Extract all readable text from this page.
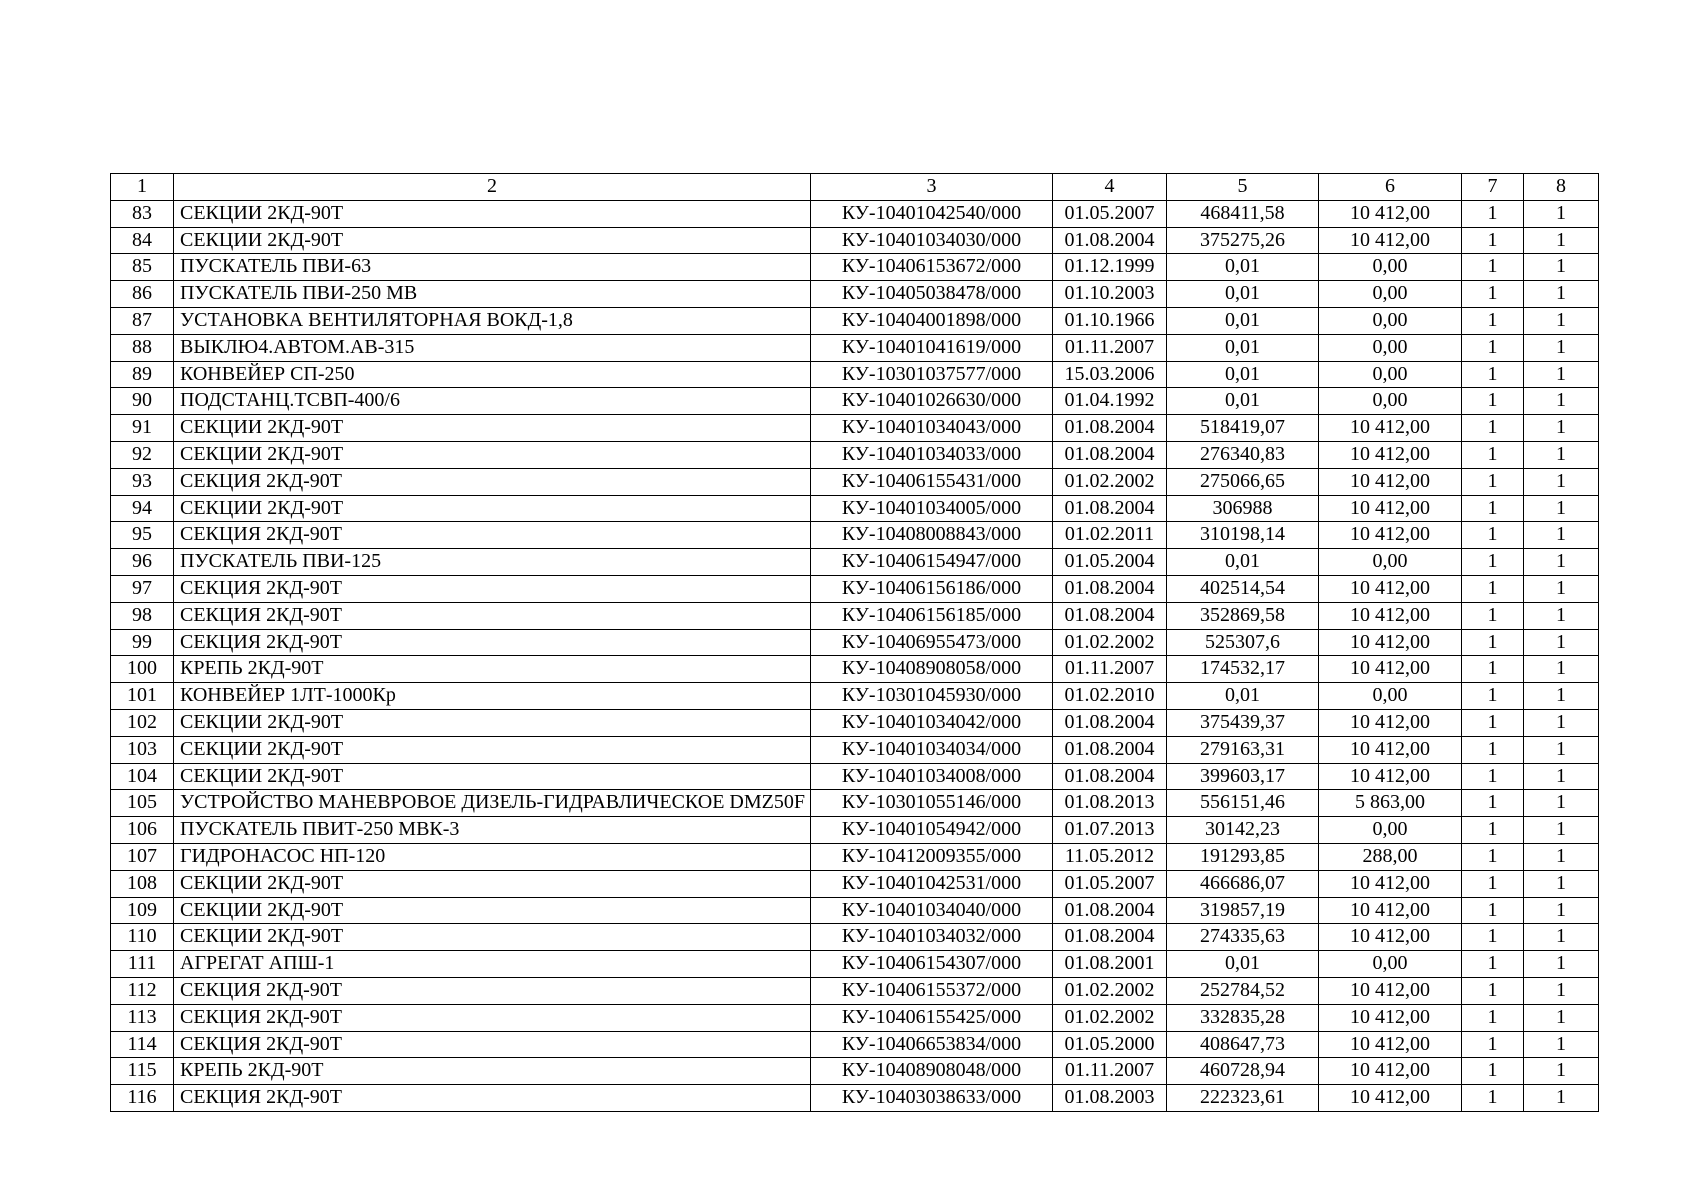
1	2	3	4	5	6	7	8
83	СЕКЦИИ 2КД-90Т	КУ-10401042540/000	01.05.2007	468411,58	10 412,00	1	1
84	СЕКЦИИ 2КД-90Т	КУ-10401034030/000	01.08.2004	375275,26	10 412,00	1	1
85	ПУСКАТЕЛЬ ПВИ-63	КУ-10406153672/000	01.12.1999	0,01	0,00	1	1
86	ПУСКАТЕЛЬ ПВИ-250 МВ	КУ-10405038478/000	01.10.2003	0,01	0,00	1	1
87	УСТАНОВКА ВЕНТИЛЯТОРНАЯ ВОКД-1,8	КУ-10404001898/000	01.10.1966	0,01	0,00	1	1
88	ВЫКЛЮ4.АВТОМ.АВ-315	КУ-10401041619/000	01.11.2007	0,01	0,00	1	1
89	КОНВЕЙЕР СП-250	КУ-10301037577/000	15.03.2006	0,01	0,00	1	1
90	ПОДСТАНЦ.ТСВП-400/6	КУ-10401026630/000	01.04.1992	0,01	0,00	1	1
91	СЕКЦИИ 2КД-90Т	КУ-10401034043/000	01.08.2004	518419,07	10 412,00	1	1
92	СЕКЦИИ 2КД-90Т	КУ-10401034033/000	01.08.2004	276340,83	10 412,00	1	1
93	СЕКЦИЯ 2КД-90Т	КУ-10406155431/000	01.02.2002	275066,65	10 412,00	1	1
94	СЕКЦИИ 2КД-90Т	КУ-10401034005/000	01.08.2004	306988	10 412,00	1	1
95	СЕКЦИЯ 2КД-90Т	КУ-10408008843/000	01.02.2011	310198,14	10 412,00	1	1
96	ПУСКАТЕЛЬ ПВИ-125	КУ-10406154947/000	01.05.2004	0,01	0,00	1	1
97	СЕКЦИЯ 2КД-90Т	КУ-10406156186/000	01.08.2004	402514,54	10 412,00	1	1
98	СЕКЦИЯ 2КД-90Т	КУ-10406156185/000	01.08.2004	352869,58	10 412,00	1	1
99	СЕКЦИЯ 2КД-90Т	КУ-10406955473/000	01.02.2002	525307,6	10 412,00	1	1
100	КРЕПЬ 2КД-90Т	КУ-10408908058/000	01.11.2007	174532,17	10 412,00	1	1
101	КОНВЕЙЕР 1ЛТ-1000Кр	КУ-10301045930/000	01.02.2010	0,01	0,00	1	1
102	СЕКЦИИ 2КД-90Т	КУ-10401034042/000	01.08.2004	375439,37	10 412,00	1	1
103	СЕКЦИИ 2КД-90Т	КУ-10401034034/000	01.08.2004	279163,31	10 412,00	1	1
104	СЕКЦИИ 2КД-90Т	КУ-10401034008/000	01.08.2004	399603,17	10 412,00	1	1
105	УСТРОЙСТВО МАНЕВРОВОЕ ДИЗЕЛЬ-ГИДРАВЛИЧЕСКОЕ DMZ50F	КУ-10301055146/000	01.08.2013	556151,46	5 863,00	1	1
106	ПУСКАТЕЛЬ ПВИТ-250 МВК-3	КУ-10401054942/000	01.07.2013	30142,23	0,00	1	1
107	ГИДРОНАСОС НП-120	КУ-10412009355/000	11.05.2012	191293,85	288,00	1	1
108	СЕКЦИИ 2КД-90Т	КУ-10401042531/000	01.05.2007	466686,07	10 412,00	1	1
109	СЕКЦИИ 2КД-90Т	КУ-10401034040/000	01.08.2004	319857,19	10 412,00	1	1
110	СЕКЦИИ 2КД-90Т	КУ-10401034032/000	01.08.2004	274335,63	10 412,00	1	1
111	АГРЕГАТ АПШ-1	КУ-10406154307/000	01.08.2001	0,01	0,00	1	1
112	СЕКЦИЯ 2КД-90Т	КУ-10406155372/000	01.02.2002	252784,52	10 412,00	1	1
113	СЕКЦИЯ 2КД-90Т	КУ-10406155425/000	01.02.2002	332835,28	10 412,00	1	1
114	СЕКЦИЯ 2КД-90Т	КУ-10406653834/000	01.05.2000	408647,73	10 412,00	1	1
115	КРЕПЬ 2КД-90Т	КУ-10408908048/000	01.11.2007	460728,94	10 412,00	1	1
116	СЕКЦИЯ 2КД-90Т	КУ-10403038633/000	01.08.2003	222323,61	10 412,00	1	1
